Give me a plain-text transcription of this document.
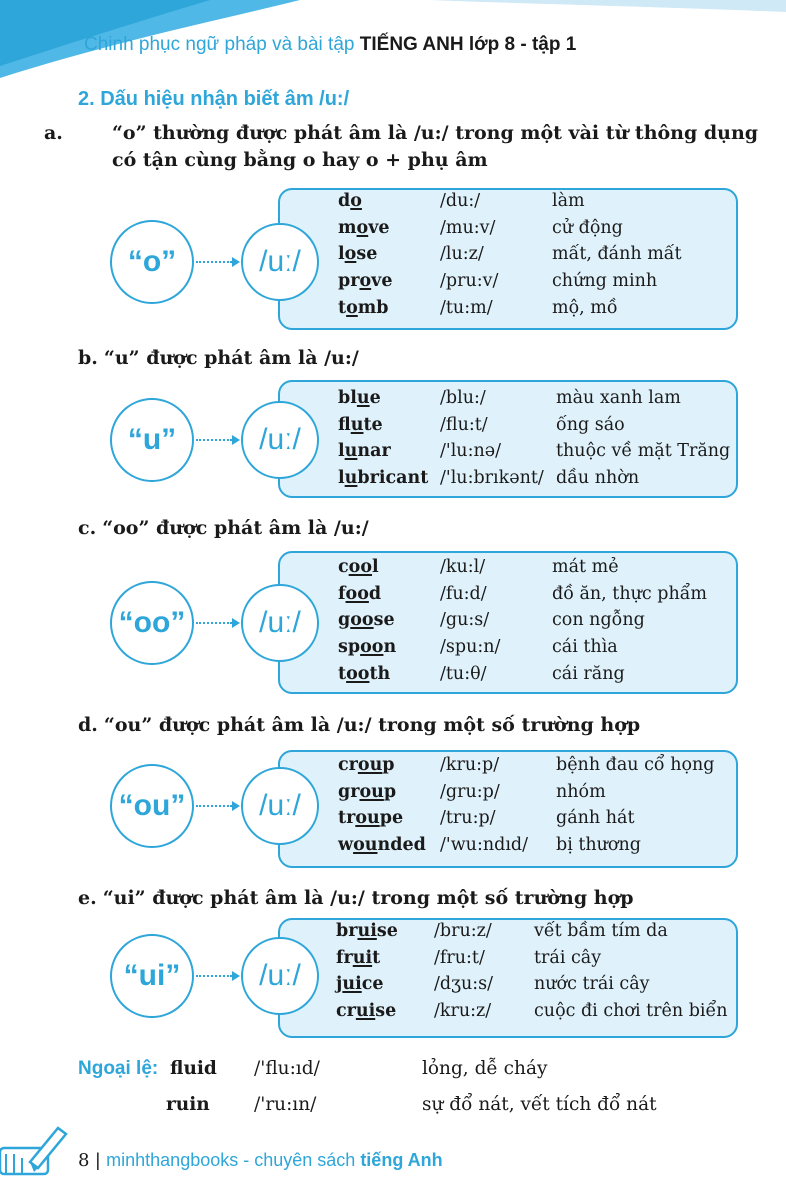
Chinh phục ngữ pháp và bài tập TIẾNG ANH lớp 8 - tập 1
2. Dấu hiệu nhận biết âm /u:/
a.	“o” thường được phát âm là /u:/ trong một vài từ thông dụng có tận cùng bằng o hay o + phụ âm
“o”	/uː/
do	/du:/	làm
move	/mu:v/	cử động
lose	/lu:z/	mất, đánh mất
prove	/pru:v/	chứng minh
tomb	/tu:m/	mộ, mồ
b. “u” được phát âm là /u:/
“u”	/uː/
blue	/blu:/	màu xanh lam
flute	/flu:t/	ống sáo
lunar	/'lu:nə/	thuộc về mặt Trăng
lubricant /'lu:brıkənt/ dầu nhờn
c. “oo” được phát âm là /u:/
“oo”	/uː/
cool	/ku:l/	mát mẻ
food	/fu:d/	đồ ăn, thực phẩm
goose	/gu:s/	con ngỗng
spoon	/spu:n/	cái thìa
tooth	/tu:θ/	cái răng
d. “ou” được phát âm là /u:/ trong một số trường hợp
“ou”	/uː/
croup	/kru:p/	bệnh đau cổ họng
group	/gru:p/	nhóm
troupe /tru:p/	gánh hát
wounded /'wu:ndıd/ bị thương
e. “ui” được phát âm là /u:/ trong một số trường hợp
“ui”	/uː/
bruise /bru:z/ vết bầm tím da
fruit	/fru:t/	trái cây
juice	/dʒu:s/ nước trái cây
cruise /kru:z/ cuộc đi chơi trên biển
Ngoại lệ: fluid /'flu:ıd/	lỏng, dễ cháy
ruin /'ru:ın/	sự đổ nát, vết tích đổ nát
8 | minhthangbooks - chuyên sách tiếng Anh
